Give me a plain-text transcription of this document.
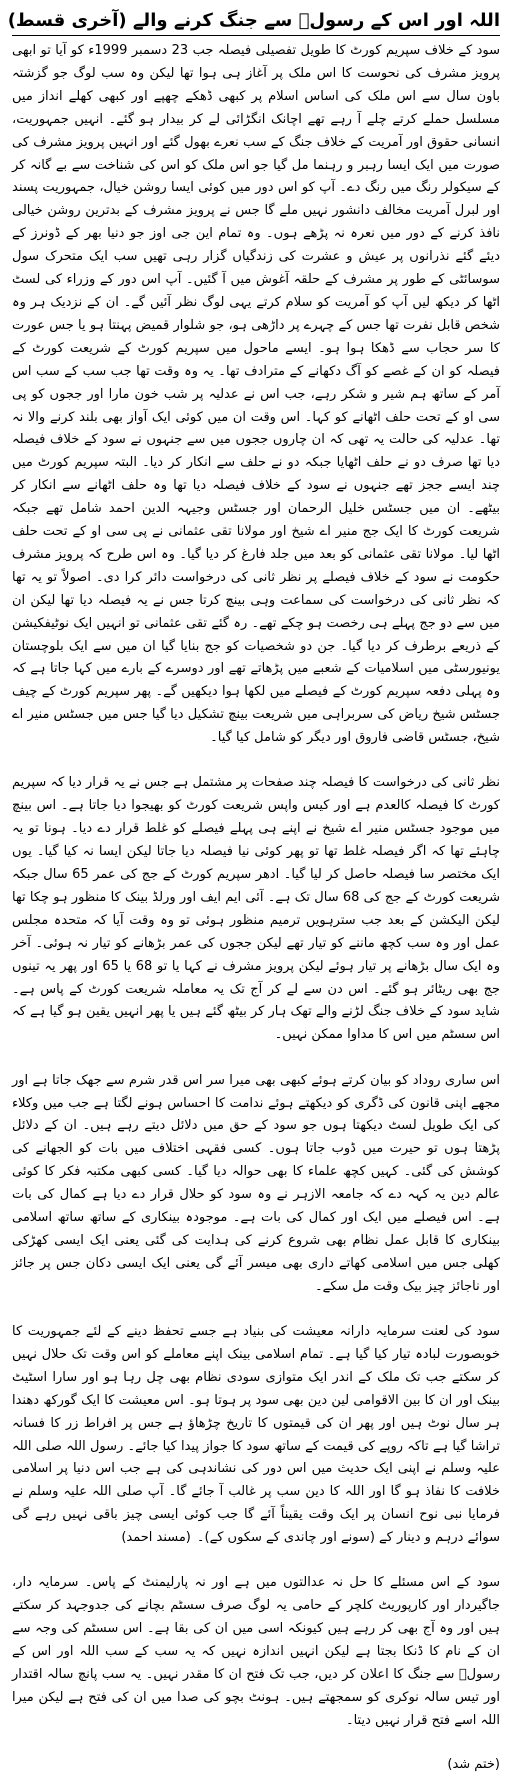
اللہ اور اس کے رسولؐ سے جنگ کرنے والے (آخری قسط)

سود کے خلاف سپریم کورٹ کا طویل تفصیلی فیصلہ جب 23 دسمبر 1999ء کو آیا تو ابھی پرویز مشرف کی نحوست کا اس ملک پر آغاز ہی ہوا تھا لیکن وہ سب لوگ جو گزشتہ باون سال سے اس ملک کی اساس اسلام پر کبھی ڈھکے چھپے اور کبھی کھلے انداز میں مسلسل حملے کرتے چلے آ رہے تھے اچانک انگڑائی لے کر بیدار ہو گئے۔ انہیں جمہوریت، انسانی حقوق اور آمریت کے خلاف جنگ کے سب نعرے بھول گئے اور انہیں پرویز مشرف کی صورت میں ایک ایسا رہبر و رہنما مل گیا جو اس ملک کو اس کی شناخت سے بے گانہ کر کے سیکولر رنگ میں رنگ دے۔ آپ کو اس دور میں کوئی ایسا روشن خیال، جمہوریت پسند اور لبرل آمریت مخالف دانشور نہیں ملے گا جس نے پرویز مشرف کے بدترین روشن خیالی نافذ کرنے کے دور میں نعرہ نہ پڑھے ہوں۔ وہ تمام این جی اوز جو دنیا بھر کے ڈونرز کے دیئے گئے نذرانوں پر عیش و عشرت کی زندگیاں گزار رہی تھیں سب ایک متحرک سول سوسائٹی کے طور پر مشرف کے حلقہ آغوش میں آ گئیں۔ آپ اس دور کے وزراء کی لسٹ اٹھا کر دیکھ لیں آپ کو آمریت کو سلام کرتے یہی لوگ نظر آئیں گے۔ ان کے نزدیک ہر وہ شخص قابل نفرت تھا جس کے چہرے پر داڑھی ہو، جو شلوار قمیض پہنتا ہو یا جس عورت کا سر حجاب سے ڈھکا ہوا ہو۔ ایسے ماحول میں سپریم کورٹ کے شریعت کورٹ کے فیصلہ کو ان کے غصے کو آگ دکھانے کے مترادف تھا۔ یہ وہ وقت تھا جب سب کے سب اس آمر کے ساتھ ہم شیر و شکر رہے، جب اس نے عدلیہ پر شب خون مارا اور ججوں کو پی سی او کے تحت حلف اٹھانے کو کہا۔ اس وقت ان میں کوئی ایک آواز بھی بلند کرنے والا نہ تھا۔ عدلیہ کی حالت یہ تھی کہ ان چاروں ججوں میں سے جنہوں نے سود کے خلاف فیصلہ دیا تھا صرف دو نے حلف اٹھایا جبکہ دو نے حلف سے انکار کر دیا۔ البتہ سپریم کورٹ میں چند ایسے ججز تھے جنہوں نے سود کے خلاف فیصلہ دیا تھا وہ حلف اٹھانے سے انکار کر بیٹھے۔ ان میں جسٹس خلیل الرحمان اور جسٹس وجیہہ الدین احمد شامل تھے جبکہ شریعت کورٹ کا ایک جج منیر اے شیخ اور مولانا تقی عثمانی نے پی سی او کے تحت حلف اٹھا لیا۔ مولانا تقی عثمانی کو بعد میں جلد فارغ کر دیا گیا۔ وہ اس طرح کہ پرویز مشرف حکومت نے سود کے خلاف فیصلے پر نظر ثانی کی درخواست دائر کرا دی۔ اصولاً تو یہ تھا کہ نظر ثانی کی درخواست کی سماعت وہی بینچ کرتا جس نے یہ فیصلہ دیا تھا لیکن ان میں سے دو جج پہلے ہی رخصت ہو چکے تھے۔ رہ گئے تقی عثمانی تو انہیں ایک نوٹیفکیشن کے ذریعے برطرف کر دیا گیا۔ جن دو شخصیات کو جج بنایا گیا ان میں سے ایک بلوچستان یونیورسٹی میں اسلامیات کے شعبے میں پڑھاتے تھے اور دوسرے کے بارے میں کہا جاتا ہے کہ وہ پہلی دفعہ سپریم کورٹ کے فیصلے میں لکھا ہوا دیکھیں گے۔ پھر سپریم کورٹ کے چیف جسٹس شیخ ریاض کی سربراہی میں شریعت بینچ تشکیل دیا گیا جس میں جسٹس منیر اے شیخ، جسٹس قاضی فاروق اور دیگر کو شامل کیا گیا۔

نظر ثانی کی درخواست کا فیصلہ چند صفحات پر مشتمل ہے جس نے یہ قرار دیا کہ سپریم کورٹ کا فیصلہ کالعدم ہے اور کیس واپس شریعت کورٹ کو بھیجوا دیا جاتا ہے۔ اس بینچ میں موجود جسٹس منیر اے شیخ نے اپنے ہی پہلے فیصلے کو غلط قرار دے دیا۔ ہونا تو یہ چاہئے تھا کہ اگر فیصلہ غلط تھا تو پھر کوئی نیا فیصلہ دیا جاتا لیکن ایسا نہ کیا گیا۔ یوں ایک مختصر سا فیصلہ حاصل کر لیا گیا۔ ادھر سپریم کورٹ کے جج کی عمر 65 سال جبکہ شریعت کورٹ کے جج کی 68 سال تک ہے۔ آئی ایم ایف اور ورلڈ بینک کا منظور ہو چکا تھا لیکن الیکشن کے بعد جب سترہویں ترمیم منظور ہوئی تو وہ وقت آیا کہ متحدہ مجلس عمل اور وہ سب کچھ ماننے کو تیار تھے لیکن ججوں کی عمر بڑھانے کو تیار نہ ہوئی۔ آخر وہ ایک سال بڑھانے پر تیار ہوئے لیکن پرویز مشرف نے کہا یا تو 68 یا 65 اور پھر یہ تینوں جج بھی ریٹائر ہو گئے۔ اس دن سے لے کر آج تک یہ معاملہ شریعت کورٹ کے پاس ہے۔ شاید سود کے خلاف جنگ لڑنے والے تھک ہار کر بیٹھ گئے ہیں یا پھر انہیں یقین ہو گیا ہے کہ اس سسٹم میں اس کا مداوا ممکن نہیں۔

اس ساری روداد کو بیان کرتے ہوئے کبھی بھی میرا سر اس قدر شرم سے جھک جاتا ہے اور مجھے اپنی قانون کی ڈگری کو دیکھتے ہوئے ندامت کا احساس ہونے لگتا ہے جب میں وکلاء کی ایک طویل لسٹ دیکھتا ہوں جو سود کے حق میں دلائل دیتے رہے ہیں۔ ان کے دلائل پڑھتا ہوں تو حیرت میں ڈوب جاتا ہوں۔ کسی فقہی اختلاف میں بات کو الجھانے کی کوشش کی گئی۔ کہیں کچھ علماء کا بھی حوالہ دیا گیا۔ کسی کبھی مکتبہ فکر کا کوئی عالم دین یہ کہہ دے کہ جامعہ الازہر نے وہ سود کو حلال قرار دے دیا ہے کمال کی بات ہے۔ اس فیصلے میں ایک اور کمال کی بات ہے۔ موجودہ بینکاری کے ساتھ ساتھ اسلامی بینکاری کا قابل عمل نظام بھی شروع کرنے کی ہدایت کی گئی یعنی ایک ایسی کھڑکی کھلی جس میں اسلامی کھاتے داری بھی میسر آئے گی یعنی ایک ایسی دکان جس پر جائز اور ناجائز چیز بیک وقت مل سکے۔

سود کی لعنت سرمایہ دارانہ معیشت کی بنیاد ہے جسے تحفظ دینے کے لئے جمہوریت کا خوبصورت لبادہ تیار کیا گیا ہے۔ تمام اسلامی بینک اپنے معاملے کو اس وقت تک حلال نہیں کر سکتے جب تک ملک کے اندر ایک متوازی سودی نظام بھی چل رہا ہو اور سارا اسٹیٹ بینک اور ان کا بین الاقوامی لین دین بھی سود پر ہوتا ہو۔ اس معیشت کا ایک گورکھ دھندا ہر سال نوٹ ہیں اور پھر ان کی قیمتوں کا تاریخ چڑھاؤ ہے جس پر افراط زر کا فسانہ تراشا گیا ہے تاکہ روپے کی قیمت کے ساتھ سود کا جواز پیدا کیا جائے۔ رسول اللہ صلی اللہ علیہ وسلم نے اپنی ایک حدیث میں اس دور کی نشاندہی کی ہے جب اس دنیا پر اسلامی خلافت کا نفاذ ہو گا اور اللہ کا دین سب پر غالب آ جائے گا۔ آپ صلی اللہ علیہ وسلم نے فرمایا نبی نوح انسان پر ایک وقت یقیناً آئے گا جب کوئی ایسی چیز باقی نہیں رہے گی سوائے درہم و دینار کے (سونے اور چاندی کے سکوں کے)۔(مسند احمد)

سود کے اس مسئلے کا حل نہ عدالتوں میں ہے اور نہ پارلیمنٹ کے پاس۔ سرمایہ دار، جاگیردار اور کارپوریٹ کلچر کے حامی یہ لوگ صرف سسٹم بچانے کی جدوجہد کر سکتے ہیں اور وہ آج بھی کر رہے ہیں کیونکہ اسی میں ان کی بقا ہے۔ اس سسٹم کی وجہ سے ان کے نام کا ڈنکا بجتا ہے لیکن انہیں اندازہ نہیں کہ یہ سب کے سب اللہ اور اس کے رسولؐ سے جنگ کا اعلان کر دیں، جب تک فتح ان کا مقدر نہیں۔ یہ سب پانچ سالہ اقتدار اور تیس سالہ نوکری کو سمجھتے ہیں۔ ہونٹ بچو کی صدا میں ان کی فتح ہے لیکن میرا اللہ اسے فتح قرار نہیں دیتا۔

(ختم شد)
